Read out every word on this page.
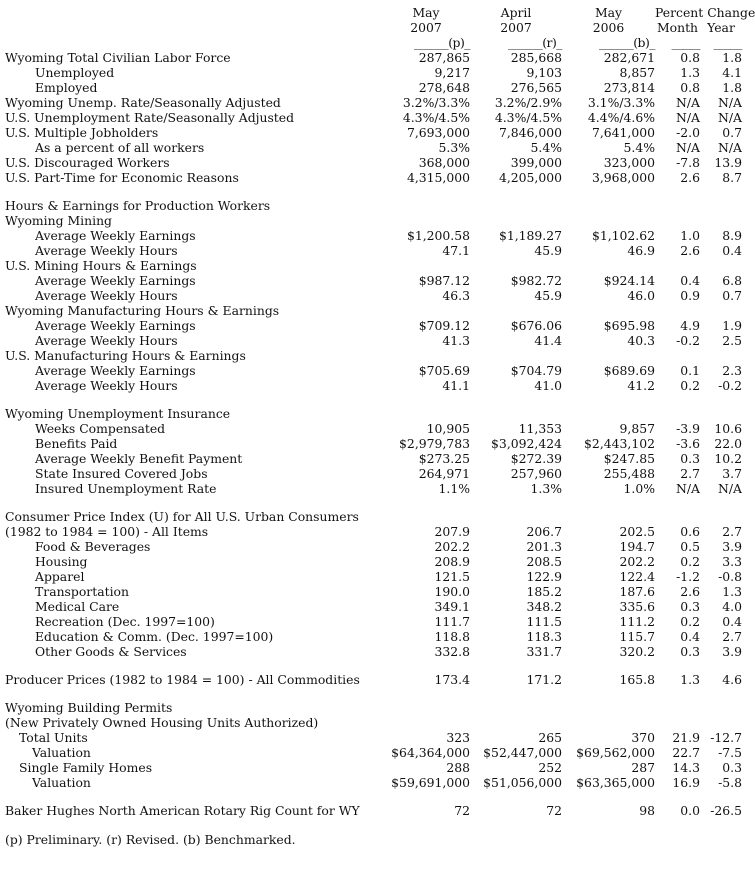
May	April	May	Percent Change
2007	2007	2006	Month Year
______(p)_	______(r)_	______(b)_	_____	_____
Wyoming Total Civilian Labor Force	287,865	285,668	282,671	0.8	1.8
Unemployed	9,217	9,103	8,857	1.3	4.1
Employed	278,648	276,565	273,814	0.8	1.8
Wyoming Unemp. Rate/Seasonally Adjusted	3.2%/3.3%	3.2%/2.9%	3.1%/3.3%	N/A	N/A
U.S. Unemployment Rate/Seasonally Adjusted	4.3%/4.5%	4.3%/4.5%	4.4%/4.6%	N/A	N/A
U.S. Multiple Jobholders	7,693,000	7,846,000	7,641,000	-2.0	0.7
As a percent of all workers	5.3%	5.4%	5.4%	N/A	N/A
U.S. Discouraged Workers	368,000	399,000	323,000	-7.8	13.9
U.S. Part-Time for Economic Reasons	4,315,000	4,205,000	3,968,000	2.6	8.7
Hours & Earnings for Production Workers
Wyoming Mining
Average Weekly Earnings	$1,200.58	$1,189.27	$1,102.62	1.0	8.9
Average Weekly Hours	47.1	45.9	46.9	2.6	0.4
U.S. Mining Hours & Earnings
Average Weekly Earnings	$987.12	$982.72	$924.14	0.4	6.8
Average Weekly Hours	46.3	45.9	46.0	0.9	0.7
Wyoming Manufacturing Hours & Earnings
Average Weekly Earnings	$709.12	$676.06	$695.98	4.9	1.9
Average Weekly Hours	41.3	41.4	40.3	-0.2	2.5
U.S. Manufacturing Hours & Earnings
Average Weekly Earnings	$705.69	$704.79	$689.69	0.1	2.3
Average Weekly Hours	41.1	41.0	41.2	0.2	-0.2
Wyoming Unemployment Insurance
Weeks Compensated	10,905	11,353	9,857	-3.9	10.6
Benefits Paid	$2,979,783	$3,092,424	$2,443,102	-3.6	22.0
Average Weekly Benefit Payment	$273.25	$272.39	$247.85	0.3	10.2
State Insured Covered Jobs	264,971	257,960	255,488	2.7	3.7
Insured Unemployment Rate	1.1%	1.3%	1.0%	N/A	N/A
Consumer Price Index (U) for All U.S. Urban Consumers
(1982 to 1984 = 100) - All Items	207.9	206.7	202.5	0.6	2.7
Food & Beverages	202.2	201.3	194.7	0.5	3.9
Housing	208.9	208.5	202.2	0.2	3.3
Apparel	121.5	122.9	122.4	-1.2	-0.8
Transportation	190.0	185.2	187.6	2.6	1.3
Medical Care	349.1	348.2	335.6	0.3	4.0
Recreation (Dec. 1997=100)	111.7	111.5	111.2	0.2	0.4
Education & Comm. (Dec. 1997=100)	118.8	118.3	115.7	0.4	2.7
Other Goods & Services	332.8	331.7	320.2	0.3	3.9
Producer Prices (1982 to 1984 = 100) - All Commodities	173.4	171.2	165.8	1.3	4.6
Wyoming Building Permits
(New Privately Owned Housing Units Authorized)
Total Units	323	265	370	21.9 -12.7
Valuation	$64,364,000	$52,447,000	$69,562,000	22.7	-7.5
Single Family Homes	288	252	287	14.3	0.3
Valuation	$59,691,000	$51,056,000	$63,365,000	16.9	-5.8
Baker Hughes North American Rotary Rig Count for WY	72	72	98	0.0 -26.5
(p) Preliminary. (r) Revised. (b) Benchmarked.
